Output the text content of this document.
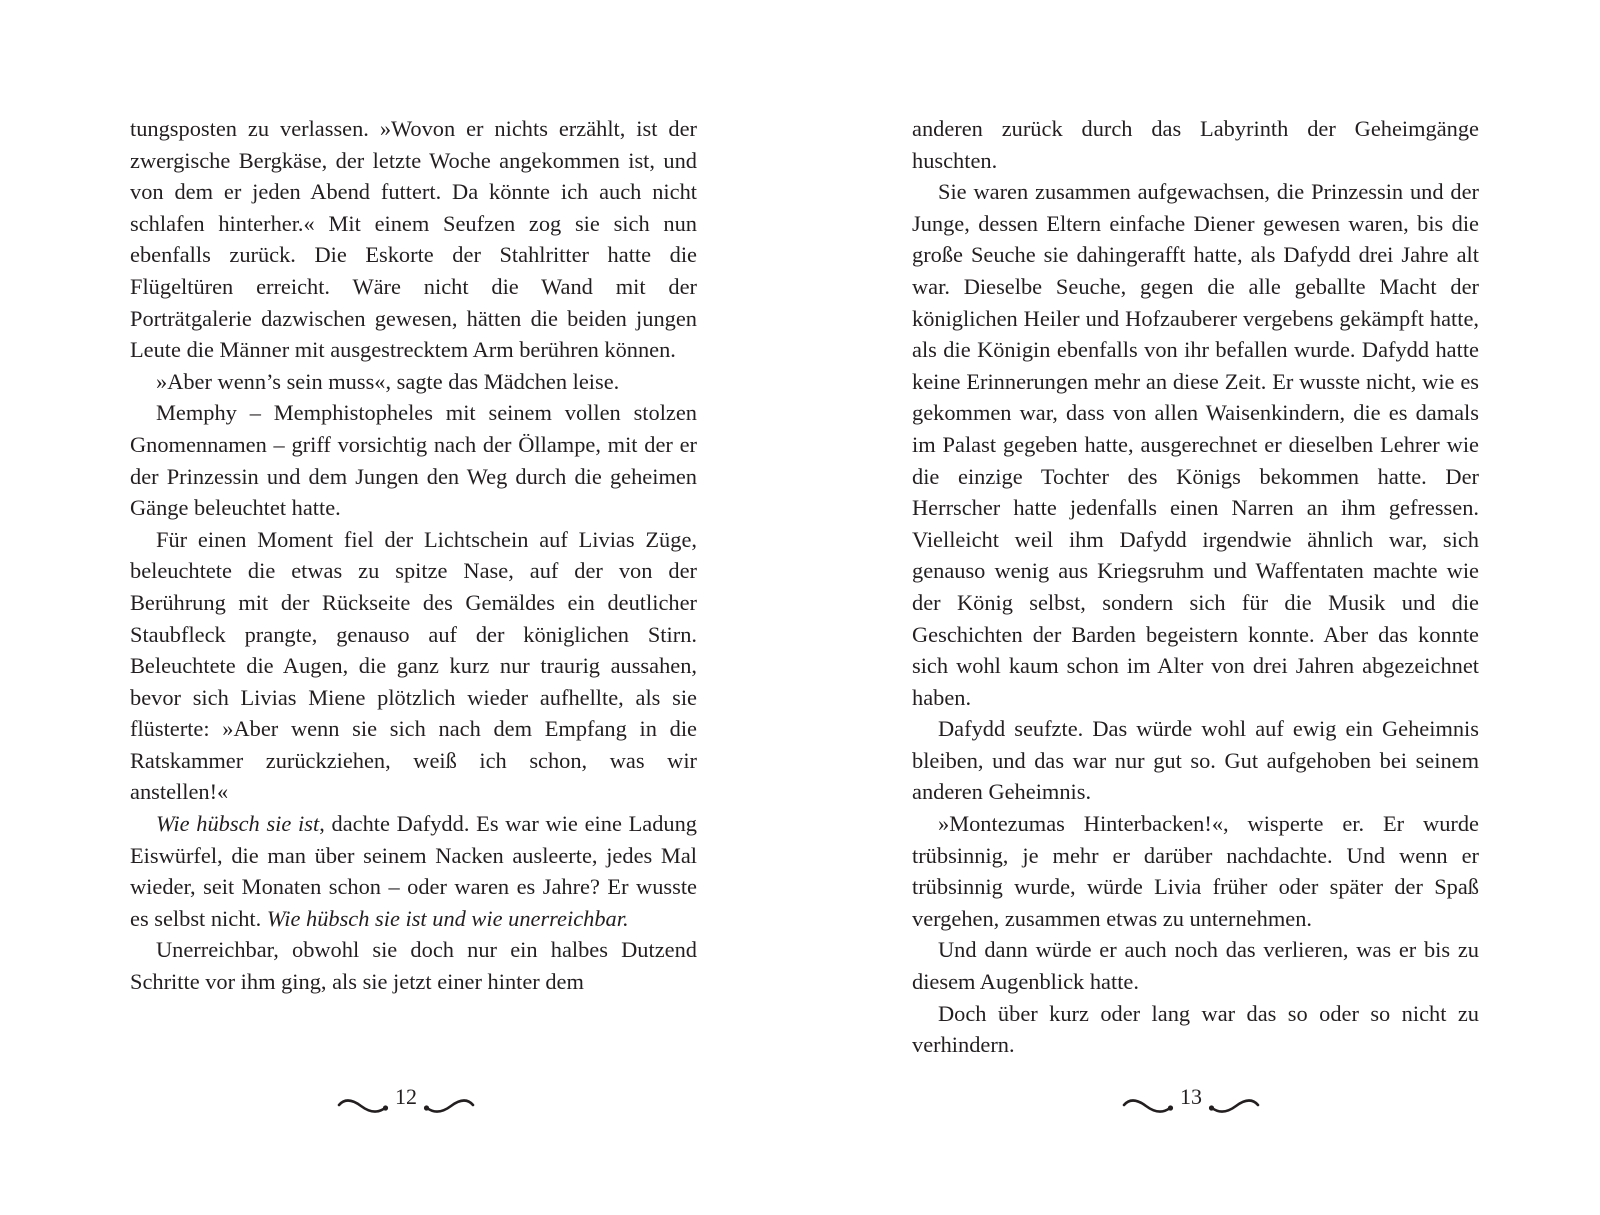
tungsposten zu verlassen. »Wovon er nichts erzählt, ist der zwergische Bergkäse, der letzte Woche angekommen ist, und von dem er jeden Abend futtert. Da könnte ich auch nicht schlafen hinterher.« Mit einem Seufzen zog sie sich nun ebenfalls zurück. Die Eskorte der Stahlritter hatte die Flügeltüren erreicht. Wäre nicht die Wand mit der Porträtgalerie dazwischen gewesen, hätten die beiden jungen Leute die Männer mit ausgestrecktem Arm berühren können.

»Aber wenn’s sein muss«, sagte das Mädchen leise.

Memphy – Memphistopheles mit seinem vollen stolzen Gnomennamen – griff vorsichtig nach der Öllampe, mit der er der Prinzessin und dem Jungen den Weg durch die geheimen Gänge beleuchtet hatte.

Für einen Moment fiel der Lichtschein auf Livias Züge, beleuchtete die etwas zu spitze Nase, auf der von der Berührung mit der Rückseite des Gemäldes ein deutlicher Staubfleck prangte, genauso auf der königlichen Stirn. Beleuchtete die Augen, die ganz kurz nur traurig aussahen, bevor sich Livias Miene plötzlich wieder aufhellte, als sie flüsterte: »Aber wenn sie sich nach dem Empfang in die Ratskammer zurückziehen, weiß ich schon, was wir anstellen!«

Wie hübsch sie ist, dachte Dafydd. Es war wie eine Ladung Eiswürfel, die man über seinem Nacken ausleerte, jedes Mal wieder, seit Monaten schon – oder waren es Jahre? Er wusste es selbst nicht. Wie hübsch sie ist und wie unerreichbar.

Unerreichbar, obwohl sie doch nur ein halbes Dutzend Schritte vor ihm ging, als sie jetzt einer hinter dem

anderen zurück durch das Labyrinth der Geheimgänge huschten.

Sie waren zusammen aufgewachsen, die Prinzessin und der Junge, dessen Eltern einfache Diener gewesen waren, bis die große Seuche sie dahingerafft hatte, als Dafydd drei Jahre alt war. Dieselbe Seuche, gegen die alle geballte Macht der königlichen Heiler und Hofzauberer vergebens gekämpft hatte, als die Königin ebenfalls von ihr befallen wurde. Dafydd hatte keine Erinnerungen mehr an diese Zeit. Er wusste nicht, wie es gekommen war, dass von allen Waisenkindern, die es damals im Palast gegeben hatte, ausgerechnet er dieselben Lehrer wie die einzige Tochter des Königs bekommen hatte. Der Herrscher hatte jedenfalls einen Narren an ihm gefressen. Vielleicht weil ihm Dafydd irgendwie ähnlich war, sich genauso wenig aus Kriegsruhm und Waffentaten machte wie der König selbst, sondern sich für die Musik und die Geschichten der Barden begeistern konnte. Aber das konnte sich wohl kaum schon im Alter von drei Jahren abgezeichnet haben.

Dafydd seufzte. Das würde wohl auf ewig ein Geheimnis bleiben, und das war nur gut so. Gut aufgehoben bei seinem anderen Geheimnis.

»Montezumas Hinterbacken!«, wisperte er. Er wurde trübsinnig, je mehr er darüber nachdachte. Und wenn er trübsinnig wurde, würde Livia früher oder später der Spaß vergehen, zusammen etwas zu unternehmen.

Und dann würde er auch noch das verlieren, was er bis zu diesem Augenblick hatte.

Doch über kurz oder lang war das so oder so nicht zu verhindern.

12	13
